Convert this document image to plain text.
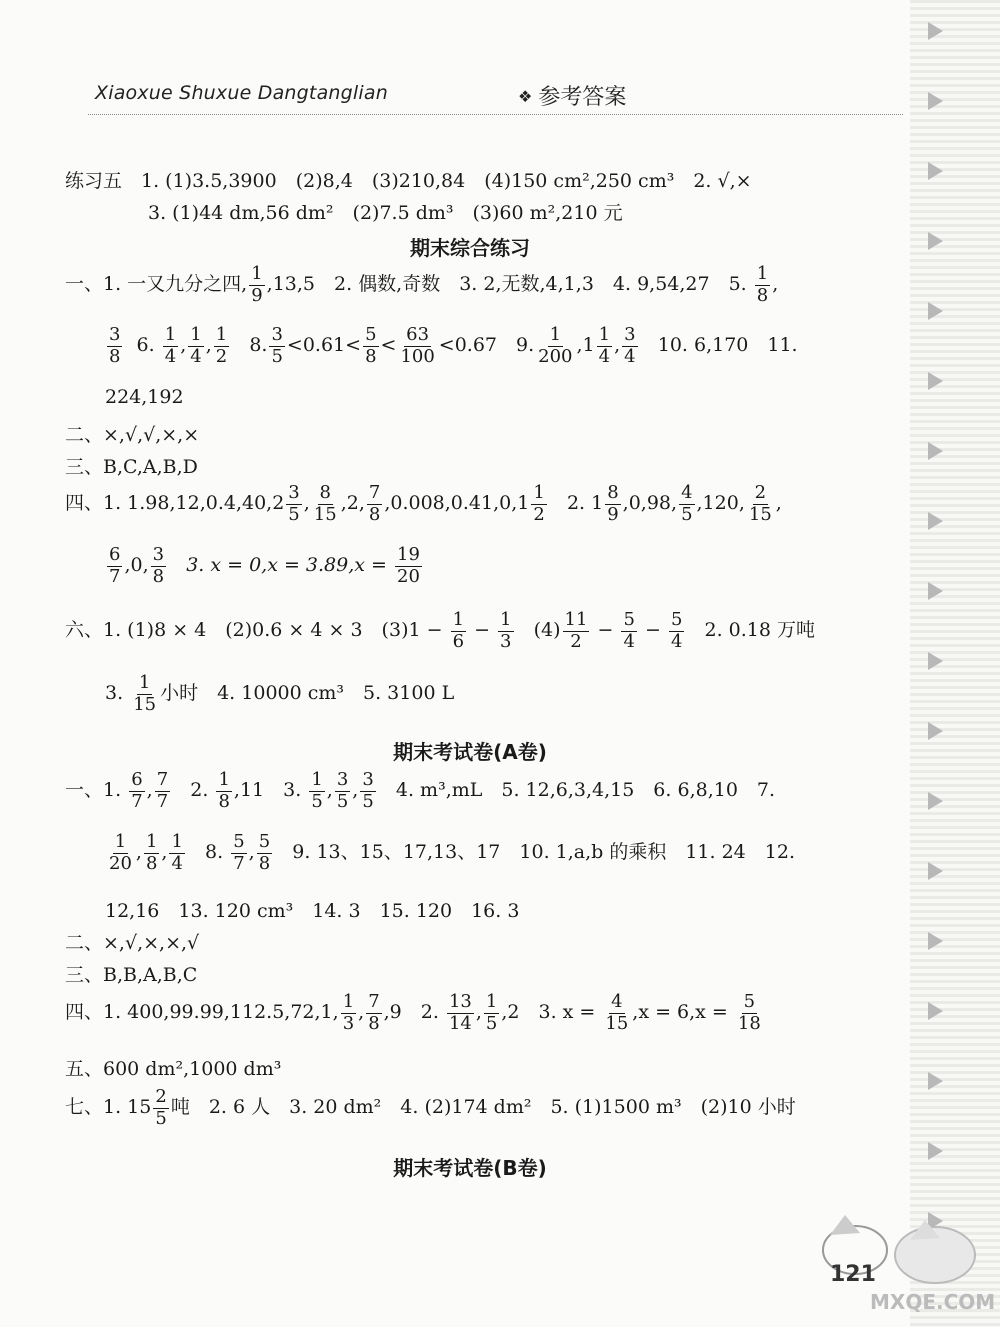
Xiaoxue Shuxue Dangtanglian	❖ 参考答案
练习五　1. (1)3.5,3900　(2)8,4　(3)210,84　(4)150 cm²,250 cm³　2. √,×
3. (1)44 dm,56 dm²　(2)7.5 dm³　(3)60 m²,210 元
期末综合练习
一、1. 一又九分之四, $\frac{1}{9} ,13,5$　2. 偶数,奇数　3. 2,无数,4,1,3　4. 9,54,27　5. $\frac{1}{8}$ ,
$\frac{3}{8} 6$. $\frac{1}{4}$ , $\frac{1}{4}$ , $\frac{1}{2} 8$. $\frac{3}{5} <0.61< \frac{5}{8} < \frac{63}{100} <0.67$　9. $\frac{1}{200} ,1 \frac{1}{4}$ , $\frac{3}{4} 10$. 6,170　11.
224,192
二、×,√,√,×,×
三、B,C,A,B,D
四、1. $1.98,12,0.4,40,2 \frac{3}{5}$ , $\frac{8}{15} ,2$, $\frac{7}{8} ,0.008,0.41,0,1 \frac{1}{2} 2$. $1 \frac{8}{9} ,0,98$, $\frac{4}{5} ,120$, $\frac{2}{15}$ ,
$\frac{6}{7} ,0$, $\frac{3}{8} 3$. $x = 0,x = 3.89,x = \frac{19}{20}$
六、1. (1)8 × 4　(2)0.6 × 4 × 3　$(3)1 - \frac{1}{6} - \frac{1}{3} (4) \frac{11}{2} - \frac{5}{4} - \frac{5}{4} 2$. 0.18 万吨
3. $\frac{1}{15}$ 小时　4. 10000 cm³　5. 3100 L
期末考试卷(A卷)
一、1. $\frac{6}{7}$ , $\frac{7}{7} 2$. $\frac{1}{8} ,11$　3. $\frac{1}{5}$ , $\frac{3}{5}$ , $\frac{3}{5} 4$. m³,mL　5. 12,6,3,4,15　6. 6,8,10　7.
$\frac{1}{20}$ , $\frac{1}{8}$ , $\frac{1}{4} 8$. $\frac{5}{7}$ , $\frac{5}{8} 9$. 13、15、17,13、17　10. 1,a,b 的乘积　11. 24　12.
12,16　13. 120 cm³　14. 3　15. 120　16. 3
二、×,√,×,×,√
三、B,B,A,B,C
四、1. 400,99.99,112.5,72,1, $\frac{1}{3}$ , $\frac{7}{8} ,9$　2. $\frac{13}{14}$ , $\frac{1}{5} ,2$　3. $x = \frac{4}{15} ,x = 6,x = \frac{5}{18}$
五、600 dm²,1000 dm³
七、1. $15 \frac{2}{5}$ 吨　2. 6 人　3. 20 dm²　4. (2)174 dm²　5. (1)1500 m³　(2)10 小时
期末考试卷(B卷)
121
MXQE.COM
